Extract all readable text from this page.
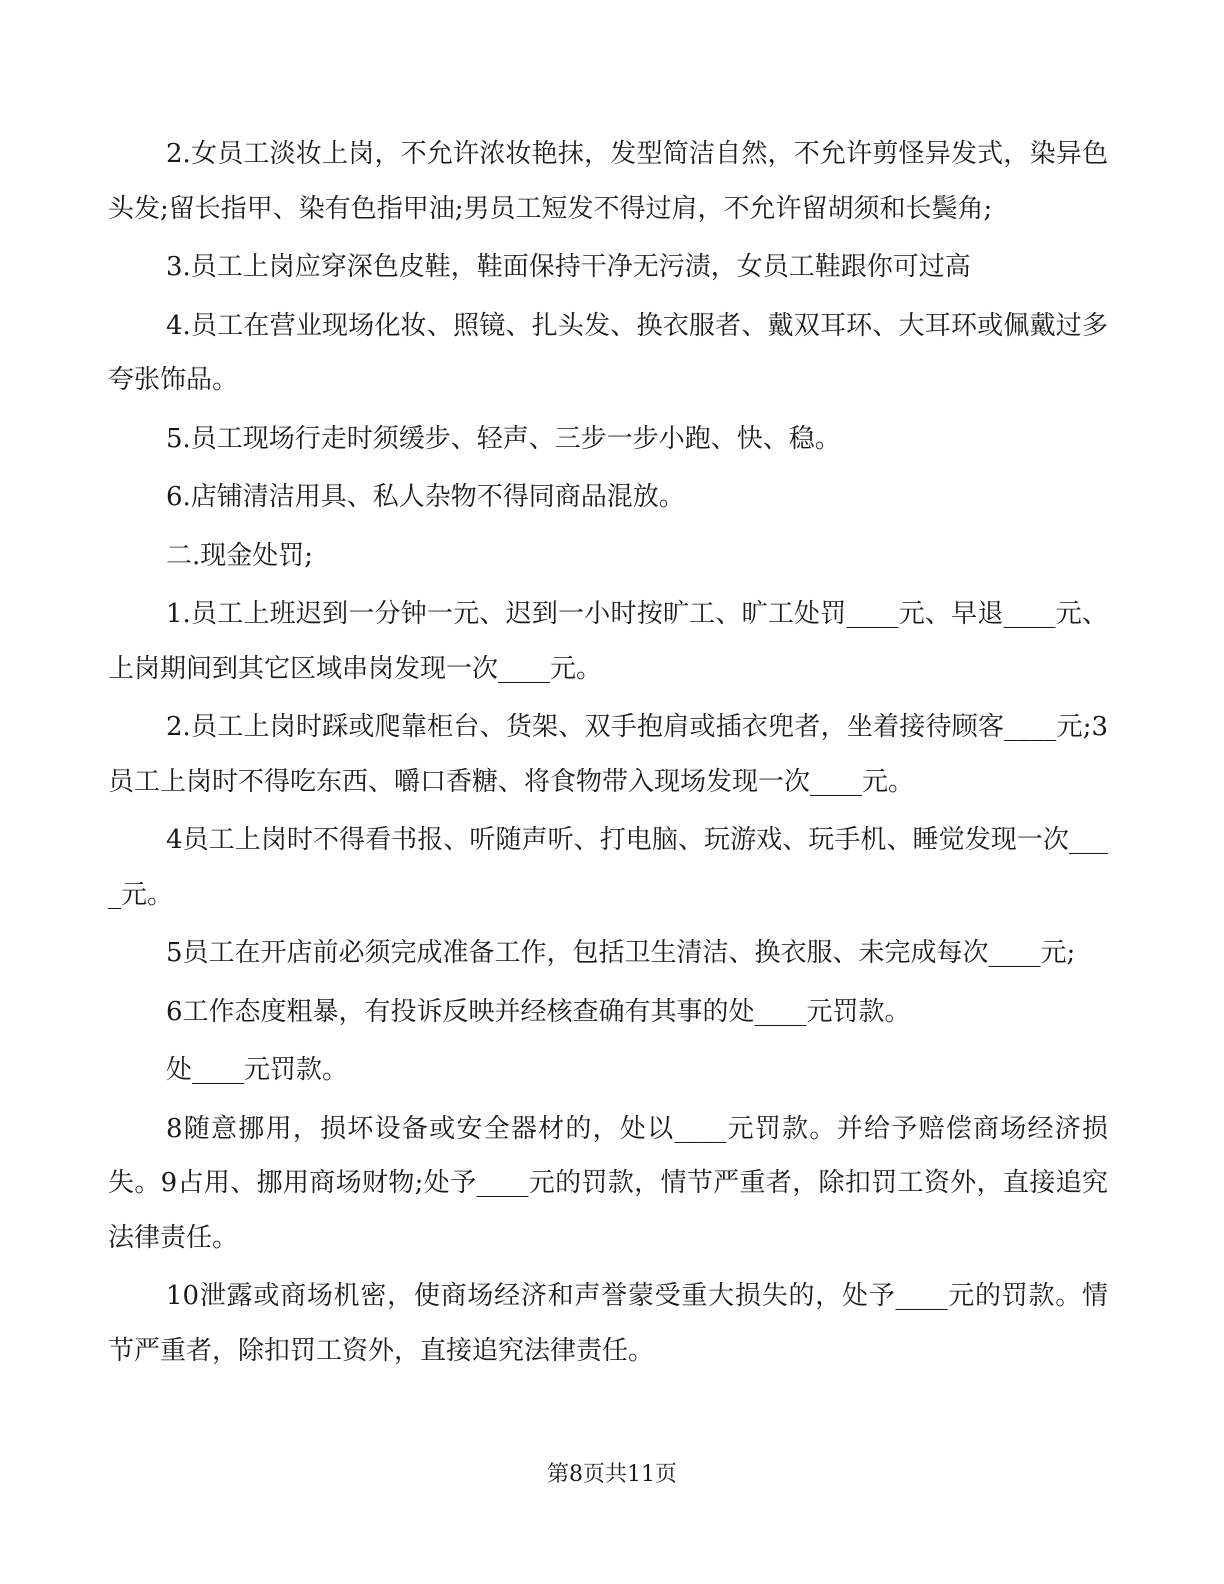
2.女员工淡妆上岗，不允许浓妆艳抹，发型简洁自然，不允许剪怪异发式，染异色头发;留长指甲、染有色指甲油;男员工短发不得过肩，不允许留胡须和长鬓角;

3.员工上岗应穿深色皮鞋，鞋面保持干净无污渍，女员工鞋跟你可过高

4.员工在营业现场化妆、照镜、扎头发、换衣服者、戴双耳环、大耳环或佩戴过多夸张饰品。

5.员工现场行走时须缓步、轻声、三步一步小跑、快、稳。

6.店铺清洁用具、私人杂物不得同商品混放。

二.现金处罚;

1.员工上班迟到一分钟一元、迟到一小时按旷工、旷工处罚____元、早退____元、上岗期间到其它区域串岗发现一次____元。

2.员工上岗时踩或爬靠柜台、货架、双手抱肩或插衣兜者，坐着接待顾客____元;3员工上岗时不得吃东西、嚼口香糖、将食物带入现场发现一次____元。

4员工上岗时不得看书报、听随声听、打电脑、玩游戏、玩手机、睡觉发现一次____元。

5员工在开店前必须完成准备工作，包括卫生清洁、换衣服、未完成每次____元;

6工作态度粗暴，有投诉反映并经核查确有其事的处____元罚款。

处____元罚款。

8随意挪用，损坏设备或安全器材的，处以____元罚款。并给予赔偿商场经济损失。9占用、挪用商场财物;处予____元的罚款，情节严重者，除扣罚工资外，直接追究法律责任。

10泄露或商场机密，使商场经济和声誉蒙受重大损失的，处予____元的罚款。情节严重者，除扣罚工资外，直接追究法律责任。

第8页共11页
